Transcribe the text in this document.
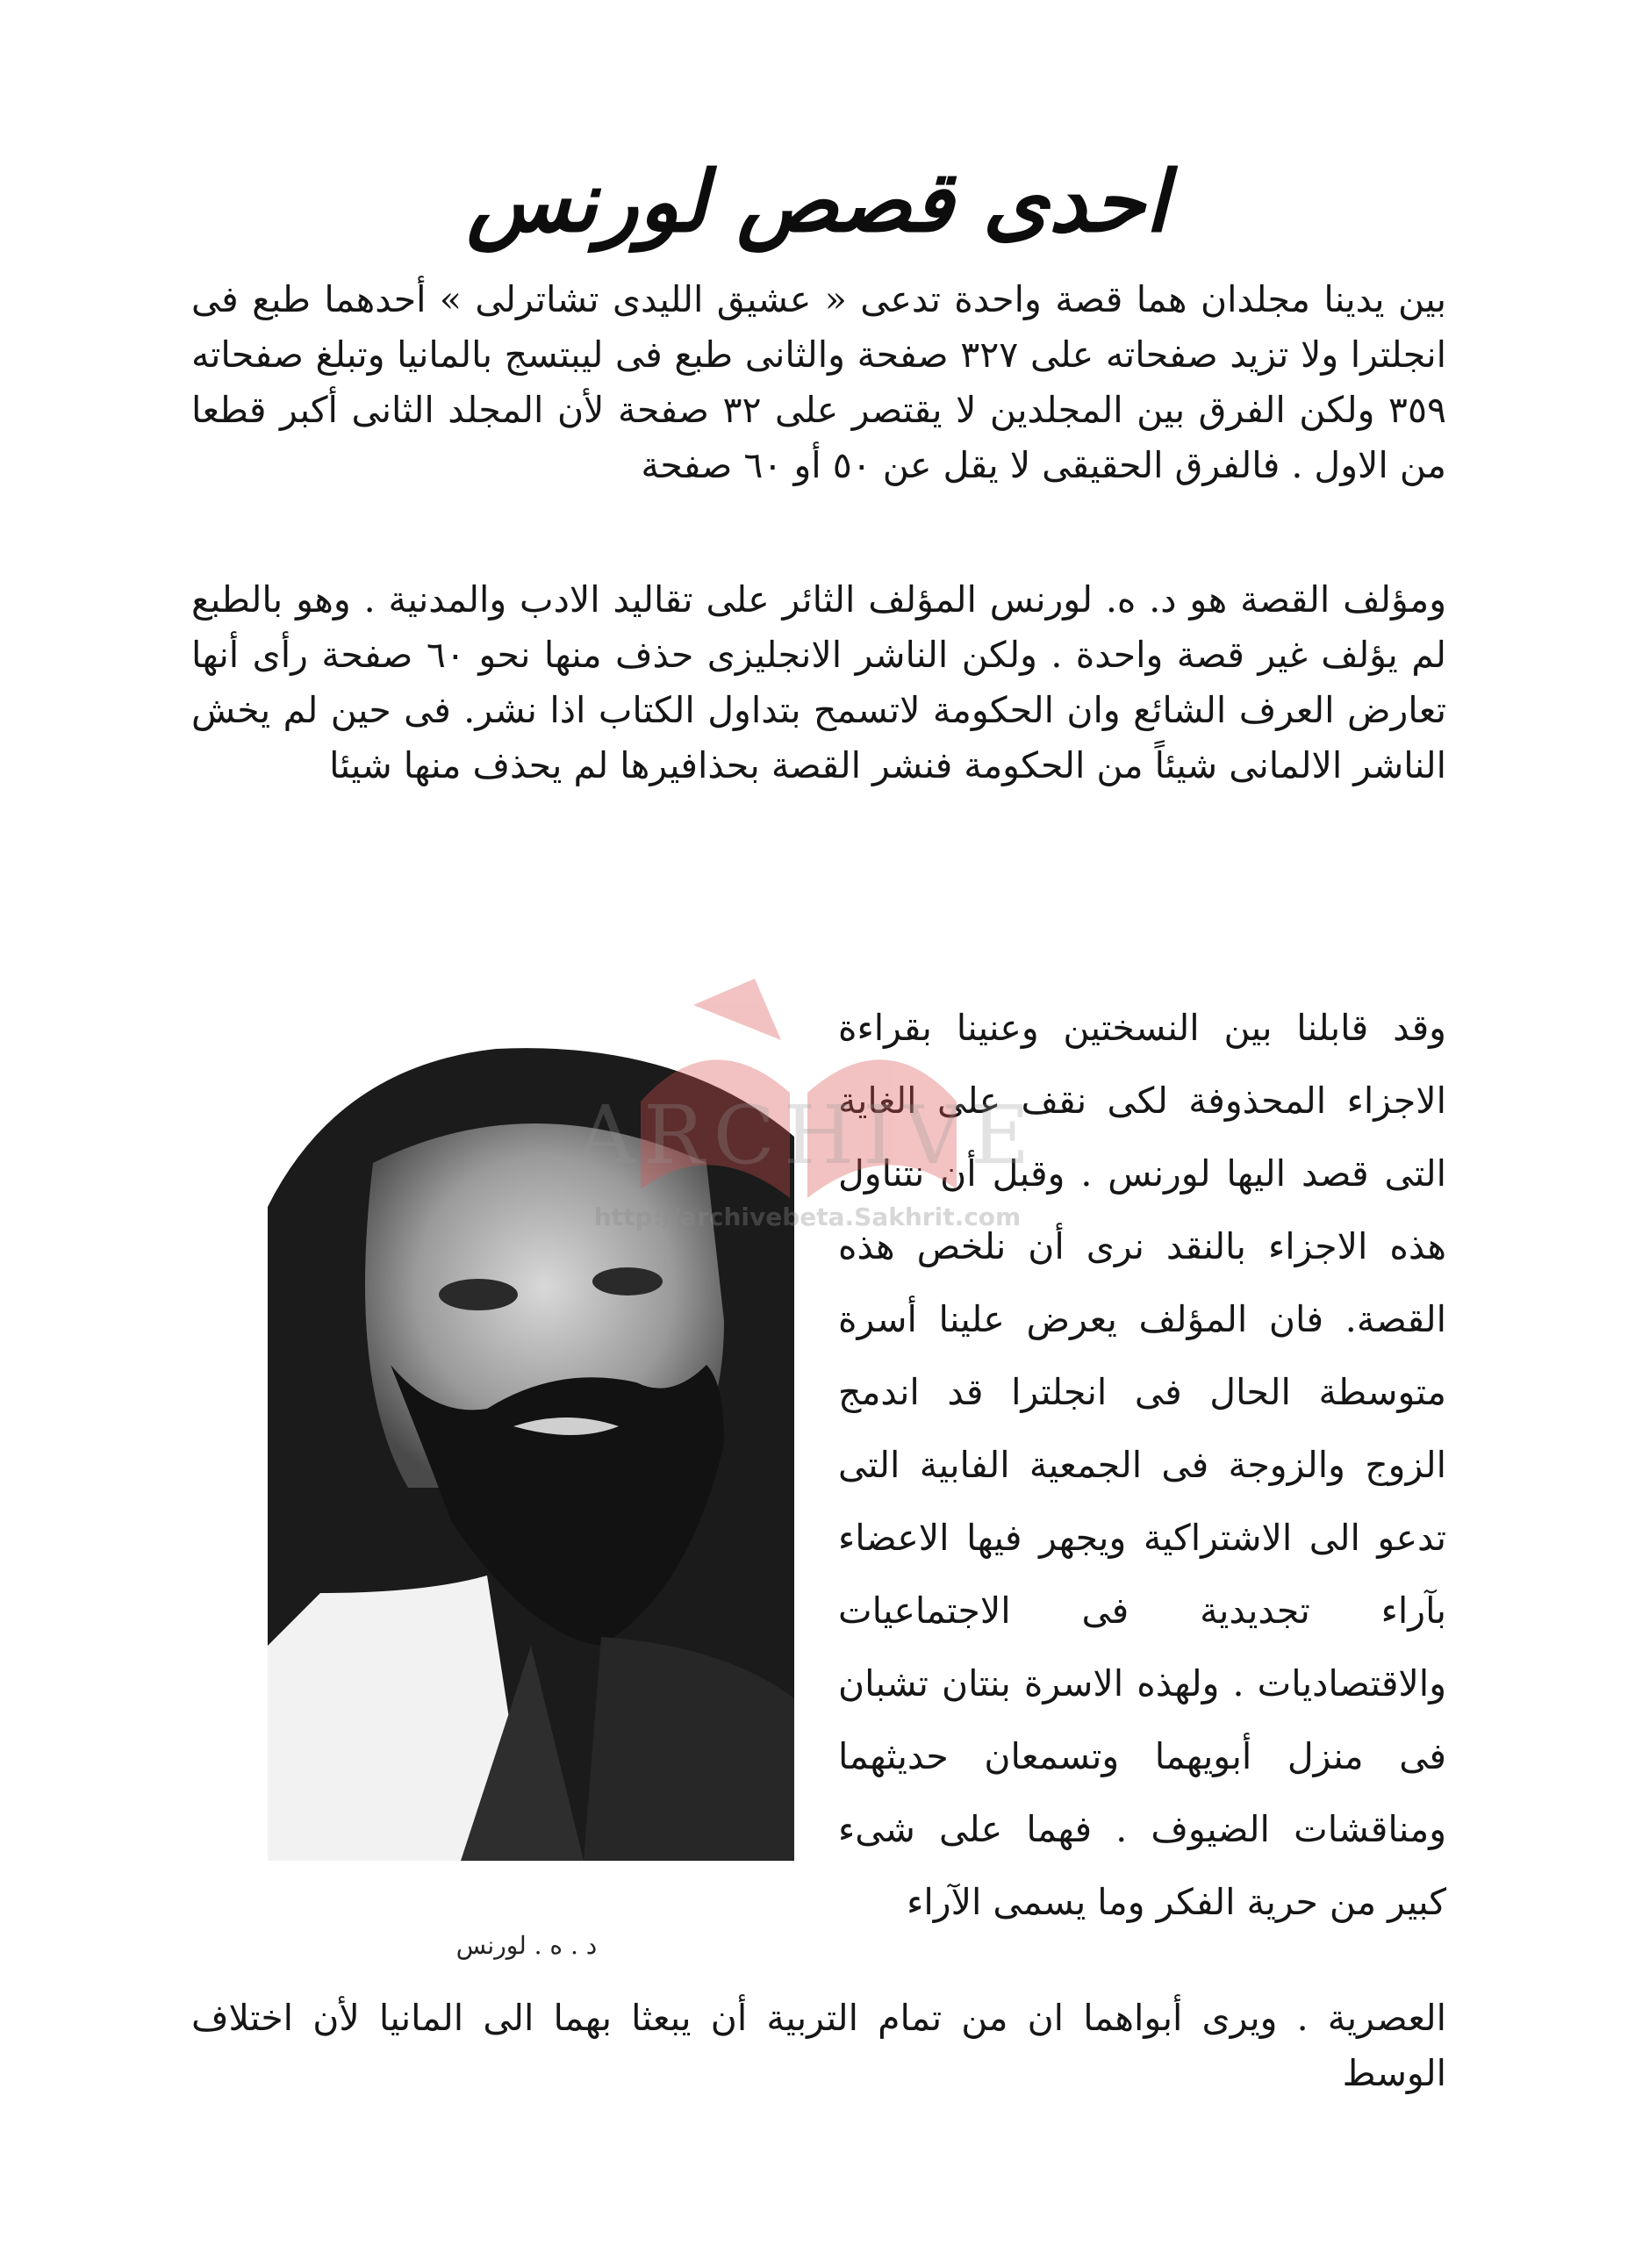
احدى قصص لورنس

بين يدينا مجلدان هما قصة واحدة تدعى « عشيق الليدى تشاترلى » أحدهما طبع فى انجلترا ولا تزيد صفحاته على ٣٢٧ صفحة والثانى طبع فى ليبتسج بالمانيا وتبلغ صفحاته ٣٥٩ ولكن الفرق بين المجلدين لا يقتصر على ٣٢ صفحة لأن المجلد الثانى أكبر قطعا من الاول . فالفرق الحقيقى لا يقل عن ٥٠ أو ٦٠ صفحة

ومؤلف القصة هو د. ه. لورنس المؤلف الثائر على تقاليد الادب والمدنية . وهو بالطبع لم يؤلف غير قصة واحدة . ولكن الناشر الانجليزى حذف منها نحو ٦٠ صفحة رأى أنها تعارض العرف الشائع وان الحكومة لاتسمح بتداول الكتاب اذا نشر. فى حين لم يخش الناشر الالمانى شيئاً من الحكومة فنشر القصة بحذافيرها لم يحذف منها شيئا

وقد قابلنا بين النسختين وعنينا بقراءة الاجزاء المحذوفة لكى نقف على الغاية التى قصد اليها لورنس . وقبل أن نتناول هذه الاجزاء بالنقد نرى أن نلخص هذه القصة. فان المؤلف يعرض علينا أسرة متوسطة الحال فى انجلترا قد اندمج الزوج والزوجة فى الجمعية الفابية التى تدعو الى الاشتراكية ويجهر فيها الاعضاء بآراء تجديدية فى الاجتماعيات والاقتصاديات . ولهذه الاسرة بنتان تشبان فى منزل أبويهما وتسمعان حديثهما ومناقشات الضيوف . فهما على شىء كبير من حرية الفكر وما يسمى الآراء

د . ه . لورنس

العصرية . ويرى أبواهما ان من تمام التربية أن يبعثا بهما الى المانيا لأن اختلاف الوسط

ARCHIVE
http://archivebeta.Sakhrit.com
